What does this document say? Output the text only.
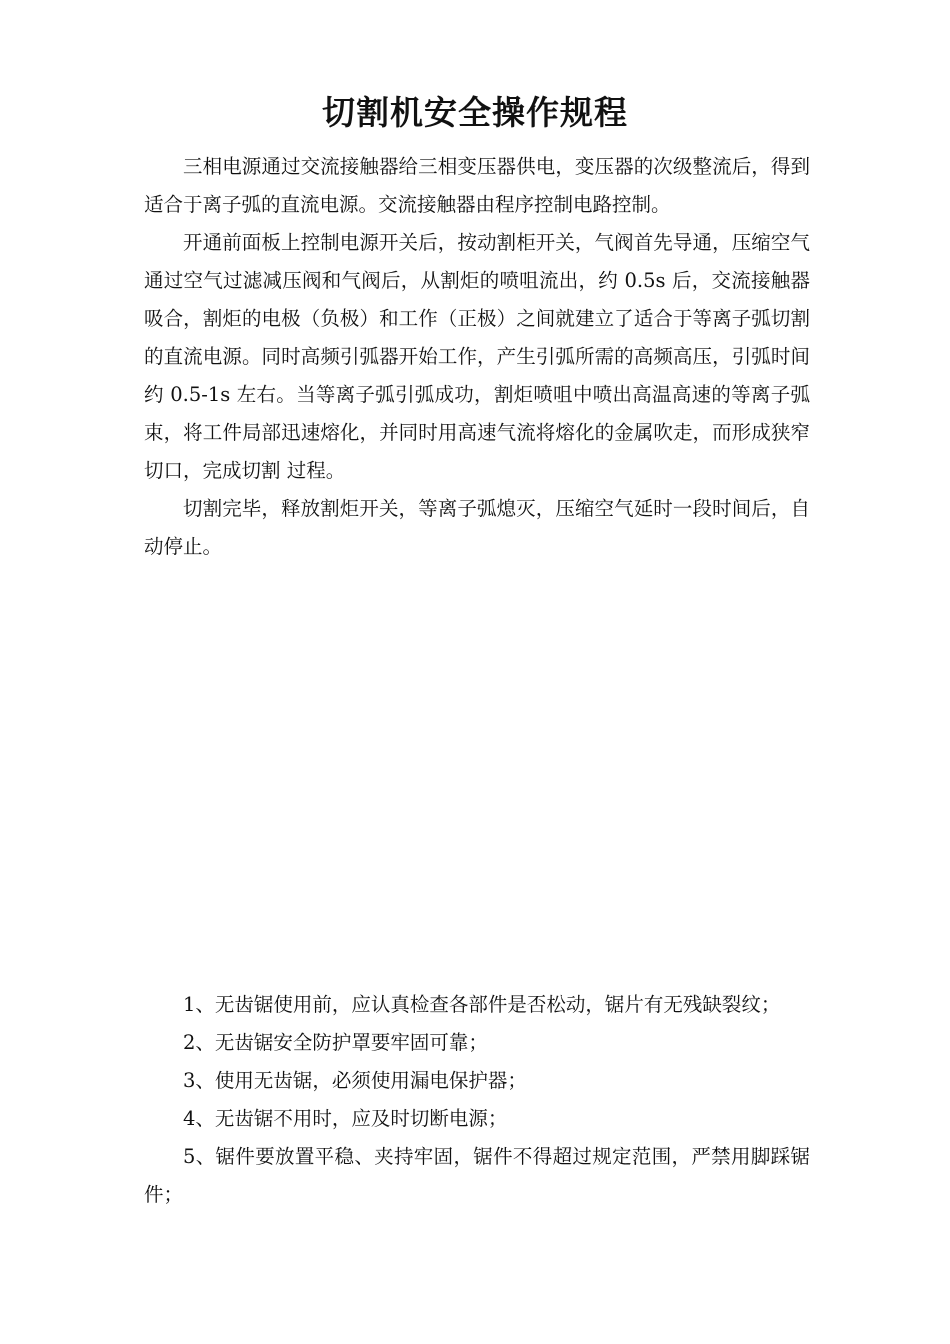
切割机安全操作规程

三相电源通过交流接触器给三相变压器供电，变压器的次级整流后，得到适合于离子弧的直流电源。交流接触器由程序控制电路控制。

开通前面板上控制电源开关后，按动割柜开关，气阀首先导通，压缩空气通过空气过滤减压阀和气阀后，从割炬的喷咀流出，约 0.5s 后，交流接触器吸合，割炬的电极（负极）和工作（正极）之间就建立了适合于等离子弧切割的直流电源。同时高频引弧器开始工作，产生引弧所需的高频高压，引弧时间约 0.5-1s 左右。当等离子弧引弧成功，割炬喷咀中喷出高温高速的等离子弧束，将工件局部迅速熔化，并同时用高速气流将熔化的金属吹走，而形成狭窄切口，完成切割 过程。

切割完毕，释放割炬开关，等离子弧熄灭，压缩空气延时一段时间后，自动停止。

1、无齿锯使用前，应认真检查各部件是否松动，锯片有无残缺裂纹；

2、无齿锯安全防护罩要牢固可靠；

3、使用无齿锯，必须使用漏电保护器；

4、无齿锯不用时，应及时切断电源；

5、锯件要放置平稳、夹持牢固，锯件不得超过规定范围，严禁用脚踩锯件；
